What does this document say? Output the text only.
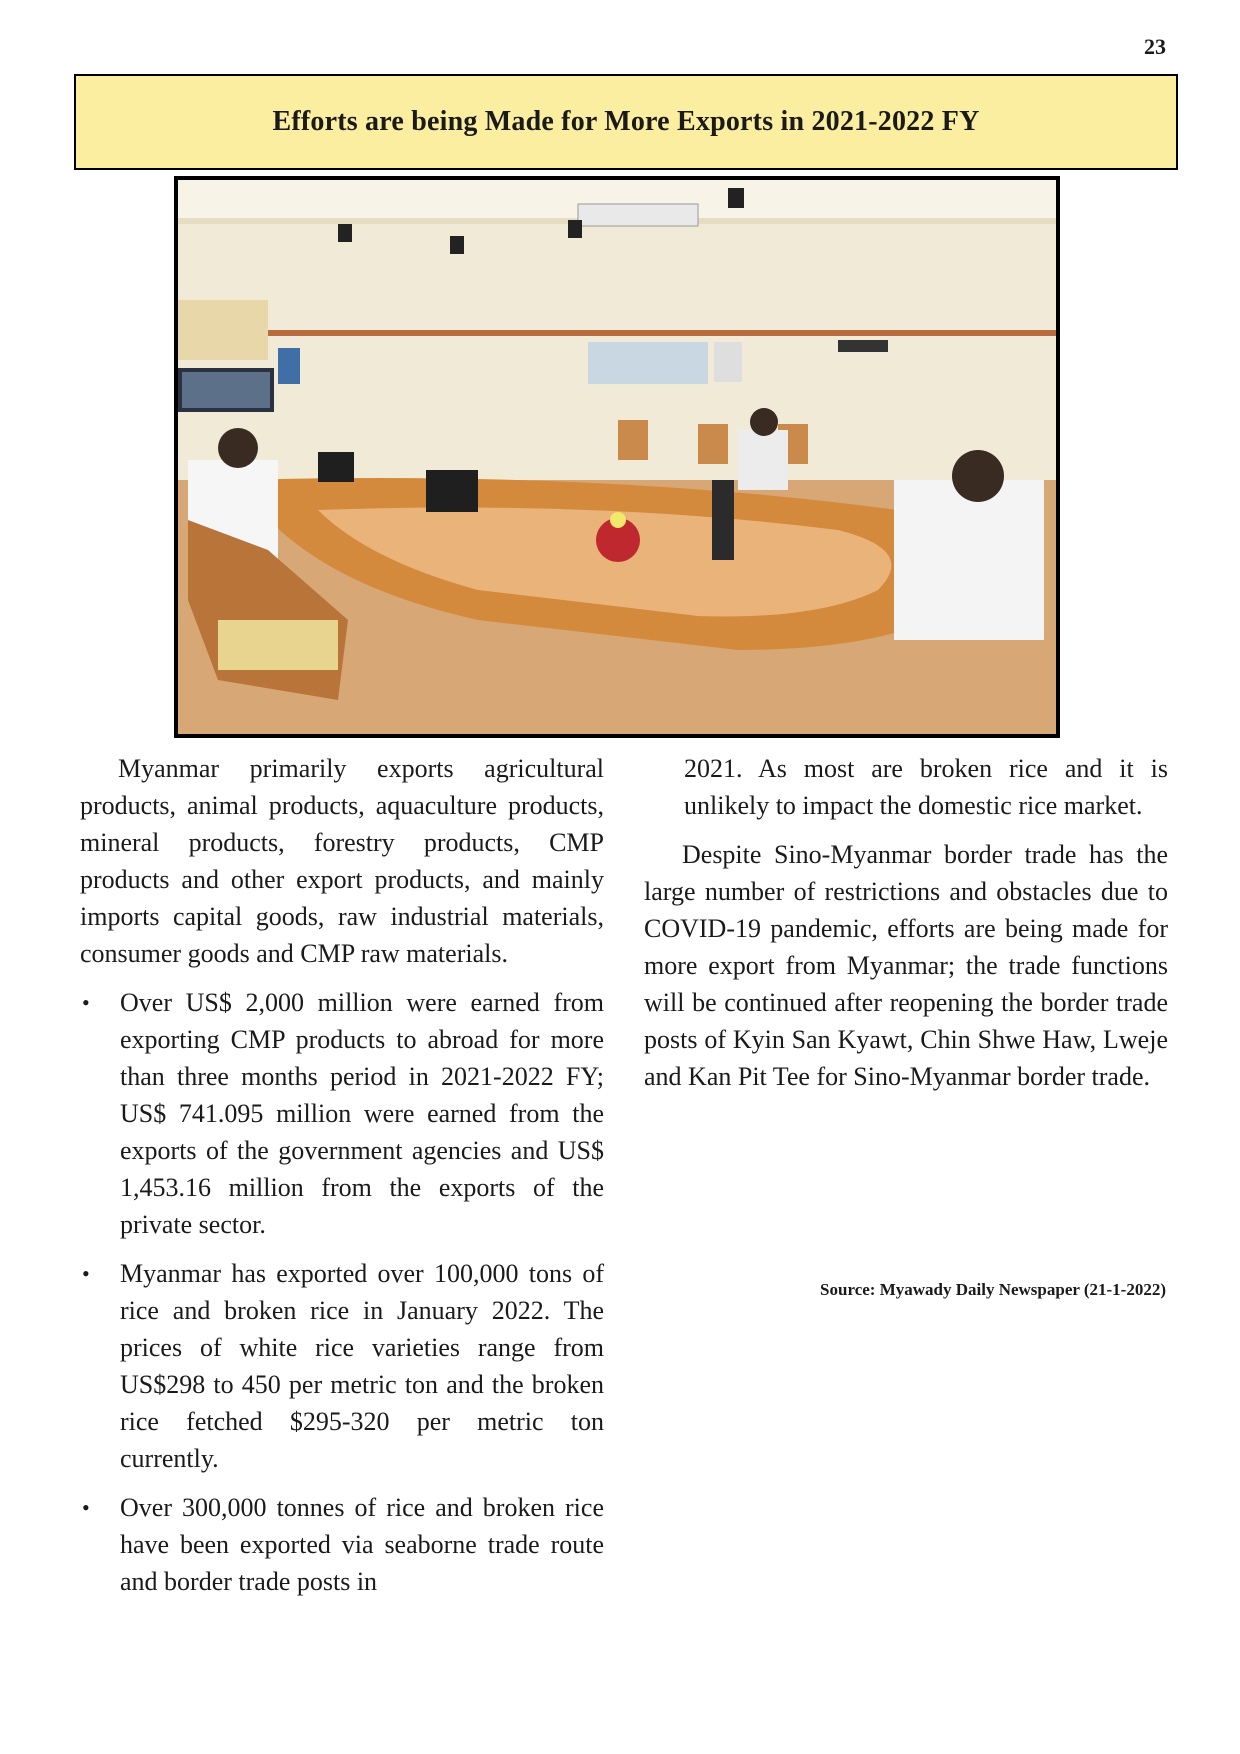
23
Efforts are being Made for More Exports in 2021-2022 FY

Myanmar primarily exports agricultural products, animal products, aquaculture products, mineral products, forestry products, CMP products and other export products, and mainly imports capital goods, raw industrial materials, consumer goods and CMP raw materials.

• Over US$ 2,000 million were earned from exporting CMP products to abroad for more than three months period in 2021-2022 FY; US$ 741.095 million were earned from the exports of the government agencies and US$ 1,453.16 million from the exports of the private sector.
• Myanmar has exported over 100,000 tons of rice and broken rice in January 2022. The prices of white rice varieties range from US$298 to 450 per metric ton and the broken rice fetched $295-320 per metric ton currently.
• Over 300,000 tonnes of rice and broken rice have been exported via seaborne trade route and border trade posts in

2021. As most are broken rice and it is unlikely to impact the domestic rice market.

Despite Sino-Myanmar border trade has the large number of restrictions and obstacles due to COVID-19 pandemic, efforts are being made for more export from Myanmar; the trade functions will be continued after reopening the border trade posts of Kyin San Kyawt, Chin Shwe Haw, Lweje and Kan Pit Tee for Sino-Myanmar border trade.

Source: Myawady Daily Newspaper (21-1-2022)
